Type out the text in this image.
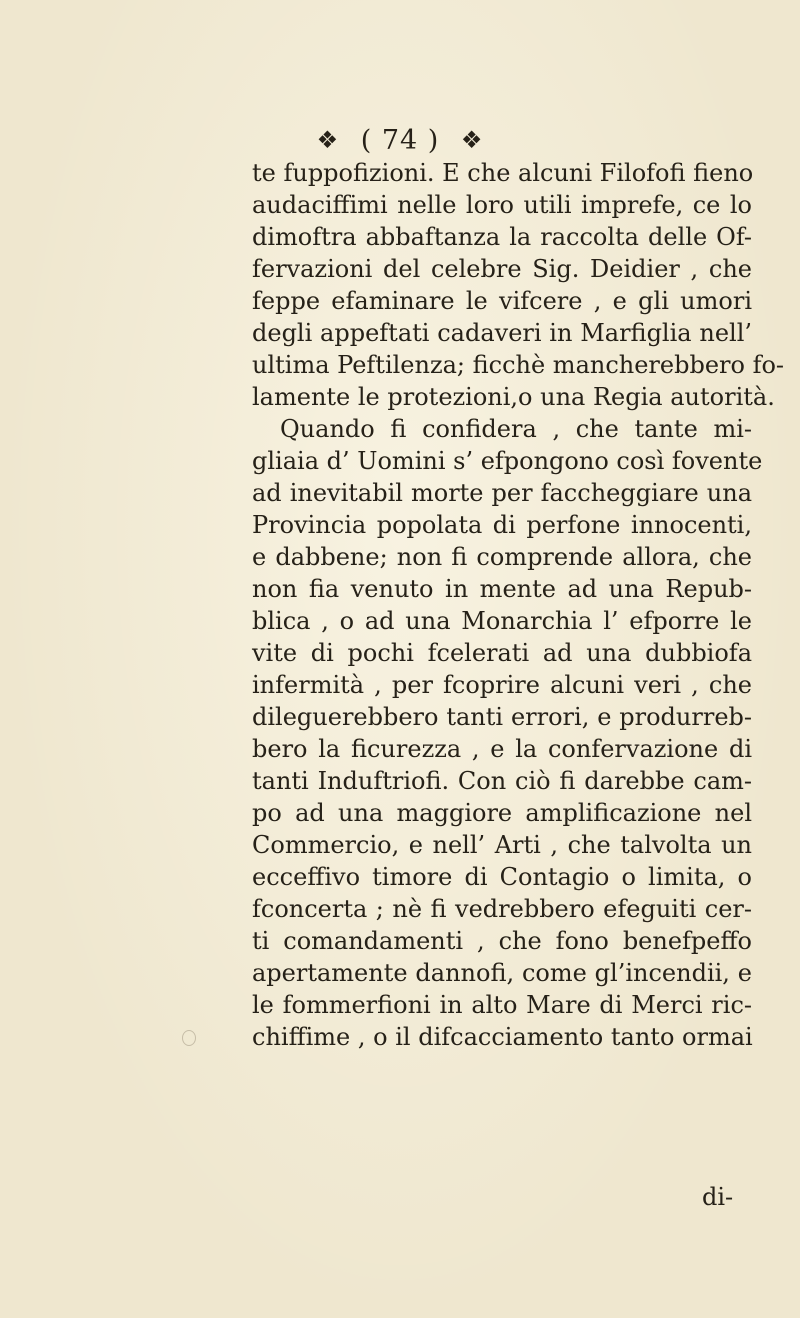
❖ ( 74 ) ❖
te fuppofizioni. E che alcuni Filofofi fieno
audaciffimi nelle loro utili imprefe, ce lo
dimoftra abbaftanza la raccolta delle Of-
fervazioni del celebre Sig. Deidier , che
feppe efaminare le vifcere , e gli umori
degli appeftati cadaveri in Marfiglia nell’
ultima Peftilenza; ficchè mancherebbero fo-
lamente le protezioni,o una Regia autorità.
Quando fi confidera , che tante mi-
gliaia d’ Uomini s’ efpongono così fovente
ad inevitabil morte per faccheggiare una
Provincia popolata di perfone innocenti,
e dabbene; non fi comprende allora, che
non fia venuto in mente ad una Repub-
blica , o ad una Monarchia l’ efporre le
vite di pochi fcelerati ad una dubbiofa
infermità , per fcoprire alcuni veri , che
dileguerebbero tanti errori, e produrreb-
bero la ficurezza , e la confervazione di
tanti Induftriofi. Con ciò fi darebbe cam-
po ad una maggiore amplificazione nel
Commercio, e nell’ Arti , che talvolta un
ecceffivo timore di Contagio o limita, o
fconcerta ; nè fi vedrebbero efeguiti cer-
ti comandamenti , che fono benefpeffo
apertamente dannofi, come gl’incendii, e
le fommerfioni in alto Mare di Merci ric-
chiffime , o il difcacciamento tanto ormai
di-
